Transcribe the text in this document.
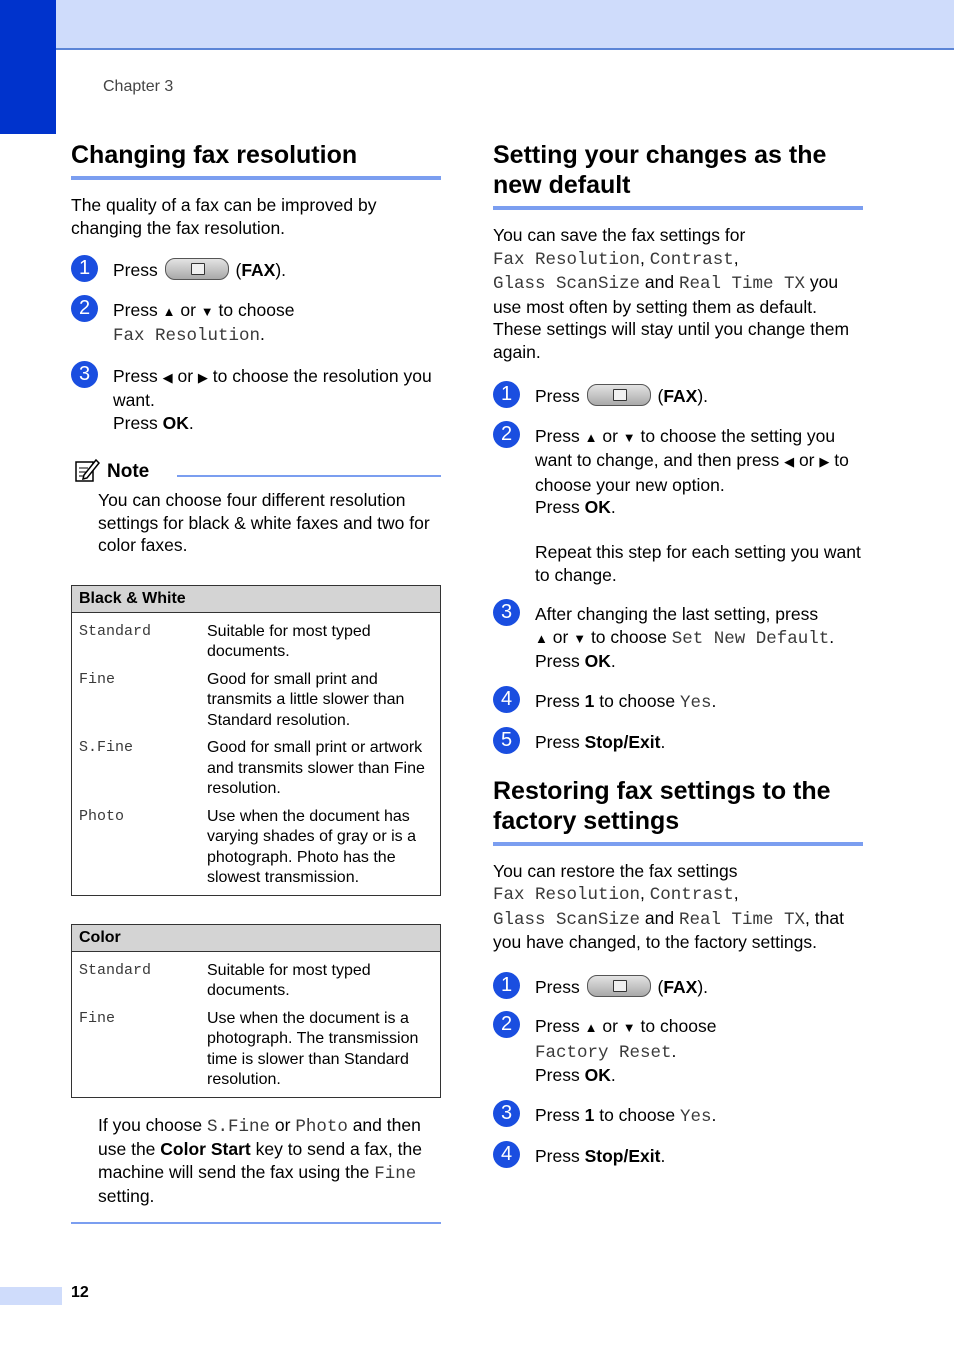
Chapter 3
Changing fax resolution

The quality of a fax can be improved by changing the fax resolution.

1	Press	(FAX).
2	Press ▲ or ▼ to choose
Fax Resolution.
3	Press ◀ or ▶ to choose the resolution you want.
Press OK.
Note
You can choose four different resolution settings for black & white faxes and two for color faxes.
Black & White	
Standard	Suitable for most typed documents.
Fine	Good for small print and transmits a little slower than Standard resolution.
S.Fine	Good for small print or artwork and transmits slower than Fine resolution.
Photo	Use when the document has varying shades of gray or is a photograph. Photo has the slowest transmission.
Color	
Standard	Suitable for most typed documents.
Fine	Use when the document is a photograph. The transmission time is slower than Standard resolution.
If you choose S.Fine or Photo and then use the Color Start key to send a fax, the machine will send the fax using the Fine setting.
Setting your changes as the new default

You can save the fax settings for
Fax Resolution, Contrast,
Glass ScanSize and Real Time TX you use most often by setting them as default. These settings will stay until you change them again.

1	Press	(FAX).
2	Press ▲ or ▼ to choose the setting you want to change, and then press ◀ or ▶ to choose your new option.
Press OK.

Repeat this step for each setting you want to change.
3	After changing the last setting, press
▲ or ▼ to choose Set New Default.
Press OK.
4	Press 1 to choose Yes.
5	Press Stop/Exit.
Restoring fax settings to the factory settings

You can restore the fax settings
Fax Resolution, Contrast,
Glass ScanSize and Real Time TX, that you have changed, to the factory settings.

1	Press	(FAX).
2	Press ▲ or ▼ to choose
Factory Reset.
Press OK.
3	Press 1 to choose Yes.
4	Press Stop/Exit.
12
